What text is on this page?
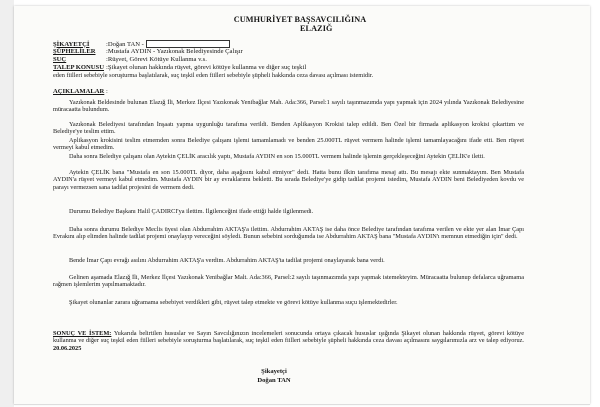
CUMHURİYET BAŞSAVCILIĞINA
ELAZIĞ
ŞİKAYETÇİ	:Doğan TAN -
ŞÜPHELİLER :Mustafa AYDIN - Yazıkonak Belediyesinde Çalışır
SUÇ	:Rüşvet, Görevi Kötüye Kullanma v.s.
TALEP KONUSU :Şikayet olunan hakkında rüşvet, görevi kötüye kullanma ve diğer suç teşkil
eden fiilleri sebebiyle soruşturma başlatılarak, suç teşkil eden fiilleri sebebiyle şüpheli hakkında ceza davası açılması istemidir.
AÇIKLAMALAR :
Yazıkonak Beldesinde bulunan Elazığ İli, Merkez İlçesi Yazıkonak Yenibağlar Mah. Ada:366, Parsel:1 sayılı taşınmazımda yapı yapmak için 2024 yılında Yazıkonak Belediyesine müracaatta bulundum.
Yazıkonak Belediyesi tarafından İnşaatı yapma uygunluğu tarafıma verildi. Benden Aplikasyon Krokisi talep edildi. Ben Özel bir firmada aplikasyon krokisi çıkarttım ve Belediye'ye teslim ettim.
Aplikasyon krokisini teslim etmemden sonra Belediye çalışanı işlemi tamamlamadı ve benden 25.000TL rüşvet vermem halinde işlemi tamamlayacağını ifade etti. Ben rüşvet vermeyi kabul etmedim.
Daha sonra Belediye çalışanı olan Aytekin ÇELİK aracılık yaptı, Mustafa AYDIN en son 15.000TL vermem halinde işlemin gerçekleşeceğini Aytekin ÇELİK'e iletti.
Aytekin ÇELİK bana "Mustafa en son 15.000TL diyor, daha aşağısını kabul etmiyor" dedi. Hatta bunu ilkin tarafıma mesaj attı. Bu mesajı ekte sunmaktayım. Ben Mustafa AYDIN'a rüşvet vermeyi kabul etmedim. Mustafa AYDIN bir ay evraklarımı bekletti. Bu sırada Belediye'ye gidip tadilat projemi istedim, Mustafa AYDIN beni Belediyeden kovdu ve parayı vermezsen sana tadilat projesini de vermem dedi.
Durumu Belediye Başkanı Halil ÇADIRCI'ya ilettim. İlgilenceğini ifade ettiği halde ilgilenmedi.
Daha sonra durumu Belediye Meclis üyesi olan Abdurrahim AKTAŞ'a ilettim. Abdurrahim AKTAŞ ise daha önce Belediye tarafından tarafıma verilen ve ekte yer alan İmar Çapı Evrakını alıp elimden halinde tadilat projemi onaylayıp vereceğini söyledi. Bunun sebebini sorduğumda ise Abdurrahim AKTAŞ bana "Mustafa AYDIN'ı memnun etmediğin için" dedi.
Bende İmar Çapı evrağı asılını Abdurrahim AKTAŞ'a verdim. Abdurrahim AKTAŞ'ta tadilat projemi onaylayarak bana verdi.
Gelinen aşamada Elazığ İli, Merkez İlçesi Yazıkonak Yenibağlar Malt. Ada:366, Parsel:2 sayılı taşınmazımda yapı yapmak istemekteyim. Müracaatta bulunup defalarca uğramama rağmen işlemlerim yapılmamaktadır.
Şikayet olunanlar zarara uğramama sebebiyet verdikleri gibi, rüşvet talep etmekte ve görevi kötüye kullanma suçu işlemektedirler.
SONUÇ VE İSTEM: Yukarıda belirtilen hususlar ve Sayın Savcılığınızın incelemeleri sonucunda ortaya çıkacak hususlar ışığında Şikayet olunan hakkında rüşvet, görevi kötüye kullanma ve diğer suç teşkil eden fiilleri sebebiyle soruşturma başlatılarak, suç teşkil eden fiilleri sebebiyle şüpheli hakkında ceza davası açılmasını saygılarımızla arz ve talep ediyoruz. 20.06.2025
Şikayetçi
Doğan TAN
